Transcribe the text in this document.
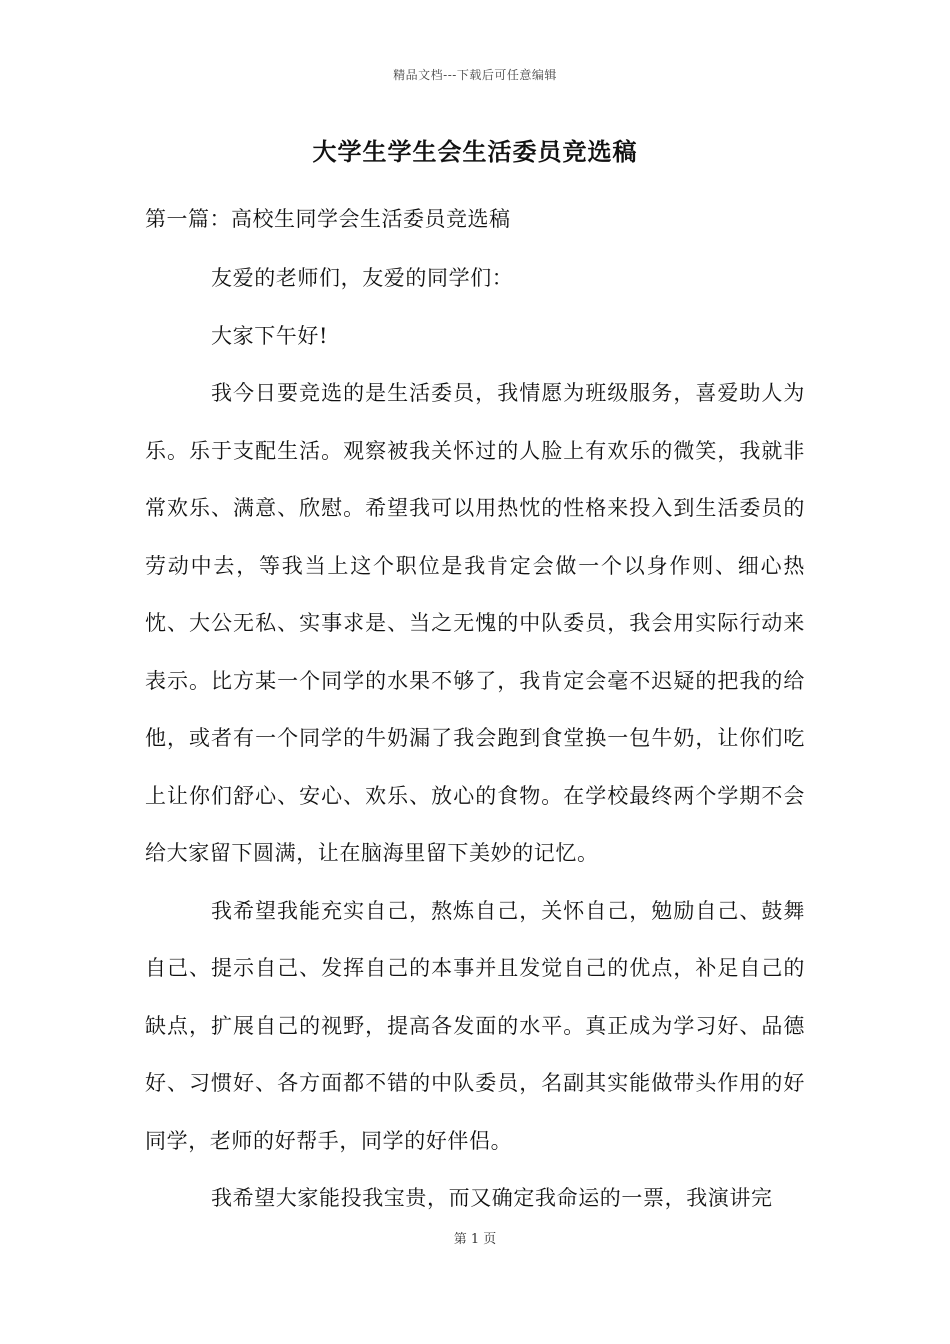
精品文档---下载后可任意编辑
大学生学生会生活委员竞选稿
第一篇：高校生同学会生活委员竞选稿

友爱的老师们，友爱的同学们：

大家下午好!

我今日要竞选的是生活委员，我情愿为班级服务，喜爱助人为乐。乐于支配生活。观察被我关怀过的人脸上有欢乐的微笑，我就非常欢乐、满意、欣慰。希望我可以用热忱的性格来投入到生活委员的劳动中去，等我当上这个职位是我肯定会做一个以身作则、细心热忱、大公无私、实事求是、当之无愧的中队委员，我会用实际行动来表示。比方某一个同学的水果不够了，我肯定会毫不迟疑的把我的给他，或者有一个同学的牛奶漏了我会跑到食堂换一包牛奶，让你们吃上让你们舒心、安心、欢乐、放心的食物。在学校最终两个学期不会给大家留下圆满，让在脑海里留下美妙的记忆。

我希望我能充实自己，熬炼自己，关怀自己，勉励自己、鼓舞自己、提示自己、发挥自己的本事并且发觉自己的优点，补足自己的缺点，扩展自己的视野，提高各发面的水平。真正成为学习好、品德好、习惯好、各方面都不错的中队委员，名副其实能做带头作用的好同学，老师的好帮手，同学的好伴侣。

我希望大家能投我宝贵，而又确定我命运的一票，我演讲完

第 1 页
